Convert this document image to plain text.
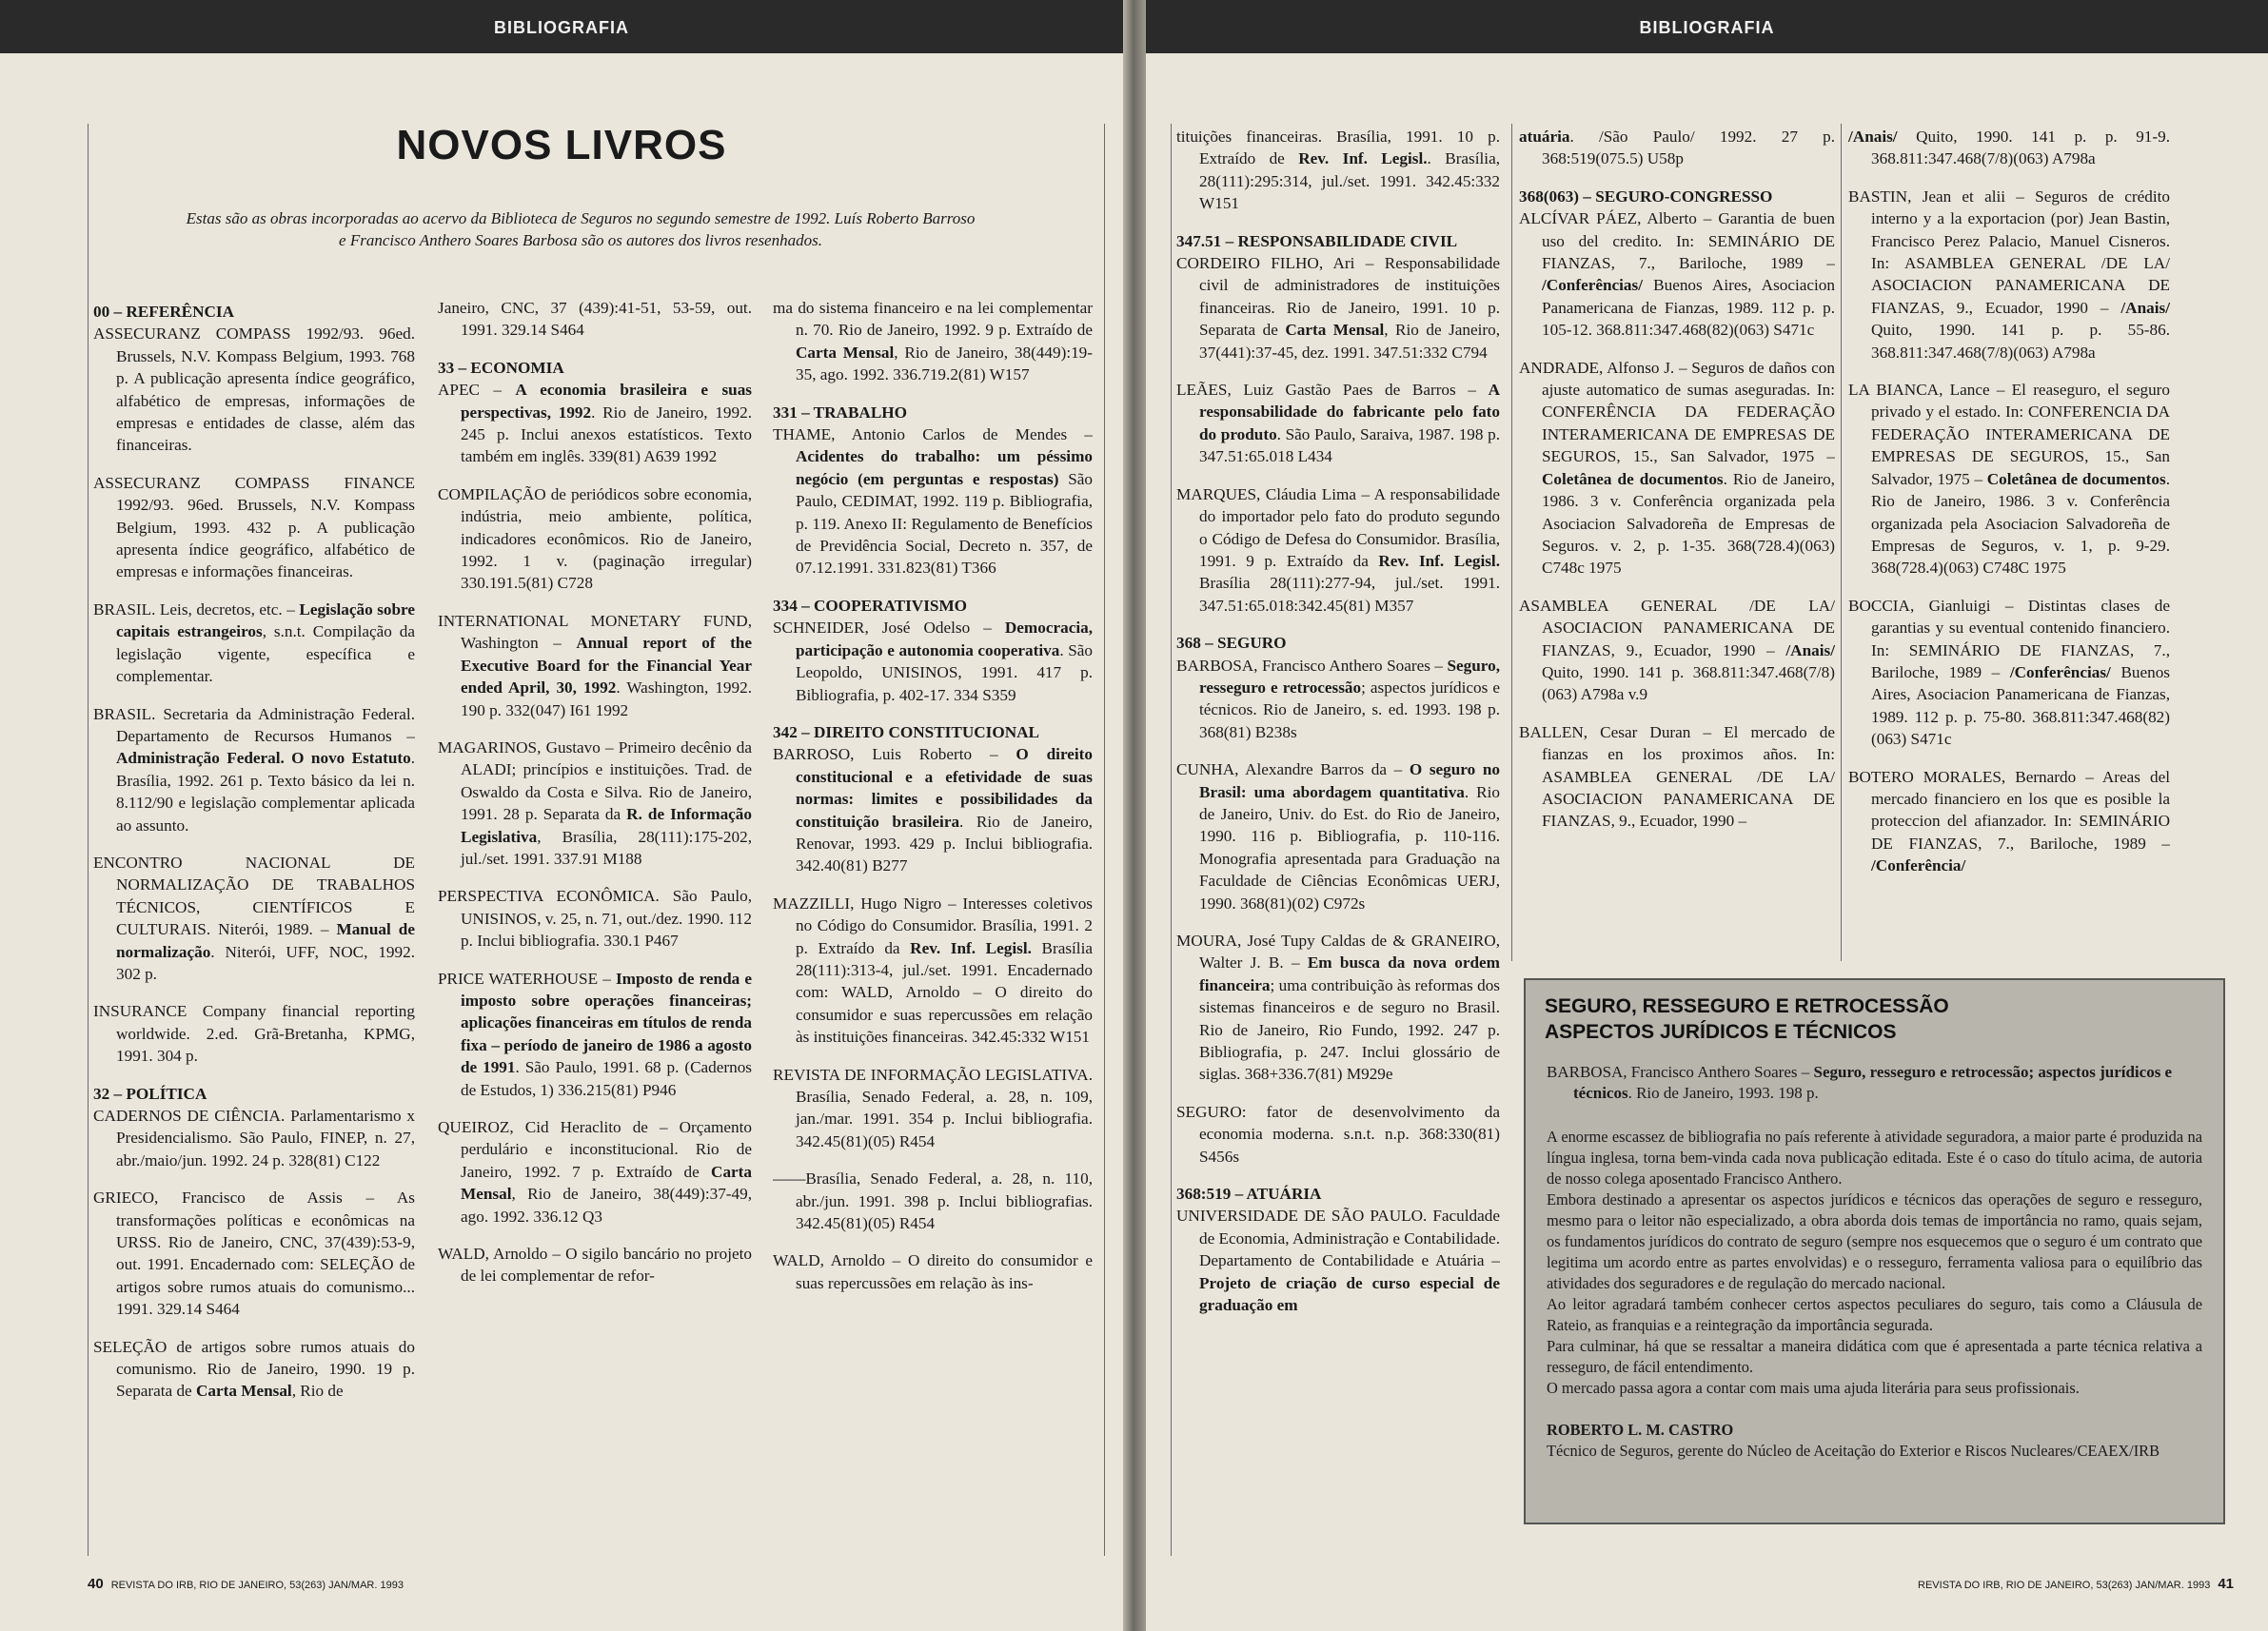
BIBLIOGRAFIA
NOVOS LIVROS
Estas são as obras incorporadas ao acervo da Biblioteca de Seguros no segundo semestre de 1992. Luís Roberto Barroso
e Francisco Anthero Soares Barbosa são os autores dos livros resenhados.
00 – REFERÊNCIA
ASSECURANZ COMPASS 1992/93. 96ed. Brussels, N.V. Kompass Belgium, 1993. 768 p. A publicação apresenta índice geográfico, alfabético de empresas, informações de empresas e entidades de classe, além das financeiras.
ASSECURANZ COMPASS FINANCE 1992/93. 96ed. Brussels, N.V. Kompass Belgium, 1993. 432 p. A publicação apresenta índice geográfico, alfabético de empresas e informações financeiras.
BRASIL. Leis, decretos, etc. – Legislação sobre capitais estrangeiros, s.n.t. Compilação da legislação vigente, específica e complementar.
BRASIL. Secretaria da Administração Federal. Departamento de Recursos Humanos – Administração Federal. O novo Estatuto. Brasília, 1992. 261 p. Texto básico da lei n. 8.112/90 e legislação complementar aplicada ao assunto.
ENCONTRO NACIONAL DE NORMALIZAÇÃO DE TRABALHOS TÉCNICOS, CIENTÍFICOS E CULTURAIS. Niterói, 1989. – Manual de normalização. Niterói, UFF, NOC, 1992. 302 p.
INSURANCE Company financial reporting worldwide. 2.ed. Grã-Bretanha, KPMG, 1991. 304 p.
32 – POLÍTICA
CADERNOS DE CIÊNCIA. Parlamentarismo x Presidencialismo. São Paulo, FINEP, n. 27, abr./maio/jun. 1992. 24 p. 328(81) C122
GRIECO, Francisco de Assis – As transformações políticas e econômicas na URSS. Rio de Janeiro, CNC, 37(439):53-9, out. 1991. Encadernado com: SELEÇÃO de artigos sobre rumos atuais do comunismo... 1991. 329.14 S464
SELEÇÃO de artigos sobre rumos atuais do comunismo. Rio de Janeiro, 1990. 19 p. Separata de Carta Mensal, Rio de
Janeiro, CNC, 37 (439):41-51, 53-59, out. 1991. 329.14 S464
33 – ECONOMIA
APEC – A economia brasileira e suas perspectivas, 1992. Rio de Janeiro, 1992. 245 p. Inclui anexos estatísticos. Texto também em inglês. 339(81) A639 1992
COMPILAÇÃO de periódicos sobre economia, indústria, meio ambiente, política, indicadores econômicos. Rio de Janeiro, 1992. 1 v. (paginação irregular) 330.191.5(81) C728
INTERNATIONAL MONETARY FUND, Washington – Annual report of the Executive Board for the Financial Year ended April, 30, 1992. Washington, 1992. 190 p. 332(047) I61 1992
MAGARINOS, Gustavo – Primeiro decênio da ALADI; princípios e instituições. Trad. de Oswaldo da Costa e Silva. Rio de Janeiro, 1991. 28 p. Separata da R. de Informação Legislativa, Brasília, 28(111):175-202, jul./set. 1991. 337.91 M188
PERSPECTIVA ECONÔMICA. São Paulo, UNISINOS, v. 25, n. 71, out./dez. 1990. 112 p. Inclui bibliografia. 330.1 P467
PRICE WATERHOUSE – Imposto de renda e imposto sobre operações financeiras; aplicações financeiras em títulos de renda fixa – período de janeiro de 1986 a agosto de 1991. São Paulo, 1991. 68 p. (Cadernos de Estudos, 1) 336.215(81) P946
QUEIROZ, Cid Heraclito de – Orçamento perdulário e inconstitucional. Rio de Janeiro, 1992. 7 p. Extraído de Carta Mensal, Rio de Janeiro, 38(449):37-49, ago. 1992. 336.12 Q3
WALD, Arnoldo – O sigilo bancário no projeto de lei complementar de refor-
ma do sistema financeiro e na lei complementar n. 70. Rio de Janeiro, 1992. 9 p. Extraído de Carta Mensal, Rio de Janeiro, 38(449):19-35, ago. 1992. 336.719.2(81) W157
331 – TRABALHO
THAME, Antonio Carlos de Mendes – Acidentes do trabalho: um péssimo negócio (em perguntas e respostas) São Paulo, CEDIMAT, 1992. 119 p. Bibliografia, p. 119. Anexo II: Regulamento de Benefícios de Previdência Social, Decreto n. 357, de 07.12.1991. 331.823(81) T366
334 – COOPERATIVISMO
SCHNEIDER, José Odelso – Democracia, participação e autonomia cooperativa. São Leopoldo, UNISINOS, 1991. 417 p. Bibliografia, p. 402-17. 334 S359
342 – DIREITO CONSTITUCIONAL
BARROSO, Luis Roberto – O direito constitucional e a efetividade de suas normas: limites e possibilidades da constituição brasileira. Rio de Janeiro, Renovar, 1993. 429 p. Inclui bibliografia. 342.40(81) B277
MAZZILLI, Hugo Nigro – Interesses coletivos no Código do Consumidor. Brasília, 1991. 2 p. Extraído da Rev. Inf. Legisl. Brasília 28(111):313-4, jul./set. 1991. Encadernado com: WALD, Arnoldo – O direito do consumidor e suas repercussões em relação às instituições financeiras. 342.45:332 W151
REVISTA DE INFORMAÇÃO LEGISLATIVA. Brasília, Senado Federal, a. 28, n. 109, jan./mar. 1991. 354 p. Inclui bibliografia. 342.45(81)(05) R454
——Brasília, Senado Federal, a. 28, n. 110, abr./jun. 1991. 398 p. Inclui bibliografias. 342.45(81)(05) R454
WALD, Arnoldo – O direito do consumidor e suas repercussões em relação às ins-
40 REVISTA DO IRB, RIO DE JANEIRO, 53(263) JAN/MAR. 1993
BIBLIOGRAFIA
tituições financeiras. Brasília, 1991. 10 p. Extraído de Rev. Inf. Legisl.. Brasília, 28(111):295:314, jul./set. 1991. 342.45:332 W151
347.51 – RESPONSABILIDADE CIVIL
CORDEIRO FILHO, Ari – Responsabilidade civil de administradores de instituições financeiras. Rio de Janeiro, 1991. 10 p. Separata de Carta Mensal, Rio de Janeiro, 37(441):37-45, dez. 1991. 347.51:332 C794
LEÃES, Luiz Gastão Paes de Barros – A responsabilidade do fabricante pelo fato do produto. São Paulo, Saraiva, 1987. 198 p. 347.51:65.018 L434
MARQUES, Cláudia Lima – A responsabilidade do importador pelo fato do produto segundo o Código de Defesa do Consumidor. Brasília, 1991. 9 p. Extraído da Rev. Inf. Legisl. Brasília 28(111):277-94, jul./set. 1991. 347.51:65.018:342.45(81) M357
368 – SEGURO
BARBOSA, Francisco Anthero Soares – Seguro, resseguro e retrocessão; aspectos jurídicos e técnicos. Rio de Janeiro, s. ed. 1993. 198 p. 368(81) B238s
CUNHA, Alexandre Barros da – O seguro no Brasil: uma abordagem quantitativa. Rio de Janeiro, Univ. do Est. do Rio de Janeiro, 1990. 116 p. Bibliografia, p. 110-116. Monografia apresentada para Graduação na Faculdade de Ciências Econômicas UERJ, 1990. 368(81)(02) C972s
MOURA, José Tupy Caldas de & GRANEIRO, Walter J. B. – Em busca da nova ordem financeira; uma contribuição às reformas dos sistemas financeiros e de seguro no Brasil. Rio de Janeiro, Rio Fundo, 1992. 247 p. Bibliografia, p. 247. Inclui glossário de siglas. 368+336.7(81) M929e
SEGURO: fator de desenvolvimento da economia moderna. s.n.t. n.p. 368:330(81) S456s
368:519 – ATUÁRIA
UNIVERSIDADE DE SÃO PAULO. Faculdade de Economia, Administração e Contabilidade. Departamento de Contabilidade e Atuária – Projeto de criação de curso especial de graduação em
atuária. /São Paulo/ 1992. 27 p. 368:519(075.5) U58p
368(063) – SEGURO-CONGRESSO
ALCÍVAR PÁEZ, Alberto – Garantia de buen uso del credito. In: SEMINÁRIO DE FIANZAS, 7., Bariloche, 1989 – /Conferências/ Buenos Aires, Asociacion Panamericana de Fianzas, 1989. 112 p. p. 105-12. 368.811:347.468(82)(063) S471c
ANDRADE, Alfonso J. – Seguros de daños con ajuste automatico de sumas aseguradas. In: CONFERÊNCIA DA FEDERAÇÃO INTERAMERICANA DE EMPRESAS DE SEGUROS, 15., San Salvador, 1975 – Coletânea de documentos. Rio de Janeiro, 1986. 3 v. Conferência organizada pela Asociacion Salvadoreña de Empresas de Seguros. v. 2, p. 1-35. 368(728.4)(063) C748c 1975
ASAMBLEA GENERAL /DE LA/ ASOCIACION PANAMERICANA DE FIANZAS, 9., Ecuador, 1990 – /Anais/ Quito, 1990. 141 p. 368.811:347.468(7/8)(063) A798a v.9
BALLEN, Cesar Duran – El mercado de fianzas en los proximos años. In: ASAMBLEA GENERAL /DE LA/ ASOCIACION PANAMERICANA DE FIANZAS, 9., Ecuador, 1990 –
/Anais/ Quito, 1990. 141 p. p. 91-9. 368.811:347.468(7/8)(063) A798a
BASTIN, Jean et alii – Seguros de crédito interno y a la exportacion (por) Jean Bastin, Francisco Perez Palacio, Manuel Cisneros. In: ASAMBLEA GENERAL /DE LA/ ASOCIACION PANAMERICANA DE FIANZAS, 9., Ecuador, 1990 – /Anais/ Quito, 1990. 141 p. p. 55-86. 368.811:347.468(7/8)(063) A798a
LA BIANCA, Lance – El reaseguro, el seguro privado y el estado. In: CONFERENCIA DA FEDERAÇÃO INTERAMERICANA DE EMPRESAS DE SEGUROS, 15., San Salvador, 1975 – Coletânea de documentos. Rio de Janeiro, 1986. 3 v. Conferência organizada pela Asociacion Salvadoreña de Empresas de Seguros, v. 1, p. 9-29. 368(728.4)(063) C748C 1975
BOCCIA, Gianluigi – Distintas clases de garantias y su eventual contenido financiero. In: SEMINÁRIO DE FIANZAS, 7., Bariloche, 1989 – /Conferências/ Buenos Aires, Asociacion Panamericana de Fianzas, 1989. 112 p. p. 75-80. 368.811:347.468(82)(063) S471c
BOTERO MORALES, Bernardo – Areas del mercado financiero en los que es posible la proteccion del afianzador. In: SEMINÁRIO DE FIANZAS, 7., Bariloche, 1989 – /Conferência/
REVISTA DO IRB, RIO DE JANEIRO, 53(263) JAN/MAR. 1993 41
SEGURO, RESSEGURO E RETROCESSÃO
ASPECTOS JURÍDICOS E TÉCNICOS
BARBOSA, Francisco Anthero Soares – Seguro, resseguro e retrocessão; aspectos jurídicos e técnicos. Rio de Janeiro, 1993. 198 p.
A enorme escassez de bibliografia no país referente à atividade seguradora, a maior parte é produzida na língua inglesa, torna bem-vinda cada nova publicação editada. Este é o caso do título acima, de autoria de nosso colega aposentado Francisco Anthero.
Embora destinado a apresentar os aspectos jurídicos e técnicos das operações de seguro e resseguro, mesmo para o leitor não especializado, a obra aborda dois temas de importância no ramo, quais sejam, os fundamentos jurídicos do contrato de seguro (sempre nos esquecemos que o seguro é um contrato que legitima um acordo entre as partes envolvidas) e o resseguro, ferramenta valiosa para o equilíbrio das atividades dos seguradores e de regulação do mercado nacional.
Ao leitor agradará também conhecer certos aspectos peculiares do seguro, tais como a Cláusula de Rateio, as franquias e a reintegração da importância segurada.
Para culminar, há que se ressaltar a maneira didática com que é apresentada a parte técnica relativa a resseguro, de fácil entendimento.
O mercado passa agora a contar com mais uma ajuda literária para seus profissionais.
ROBERTO L. M. CASTRO
Técnico de Seguros, gerente do Núcleo de Aceitação do Exterior e Riscos Nucleares/CEAEX/IRB
